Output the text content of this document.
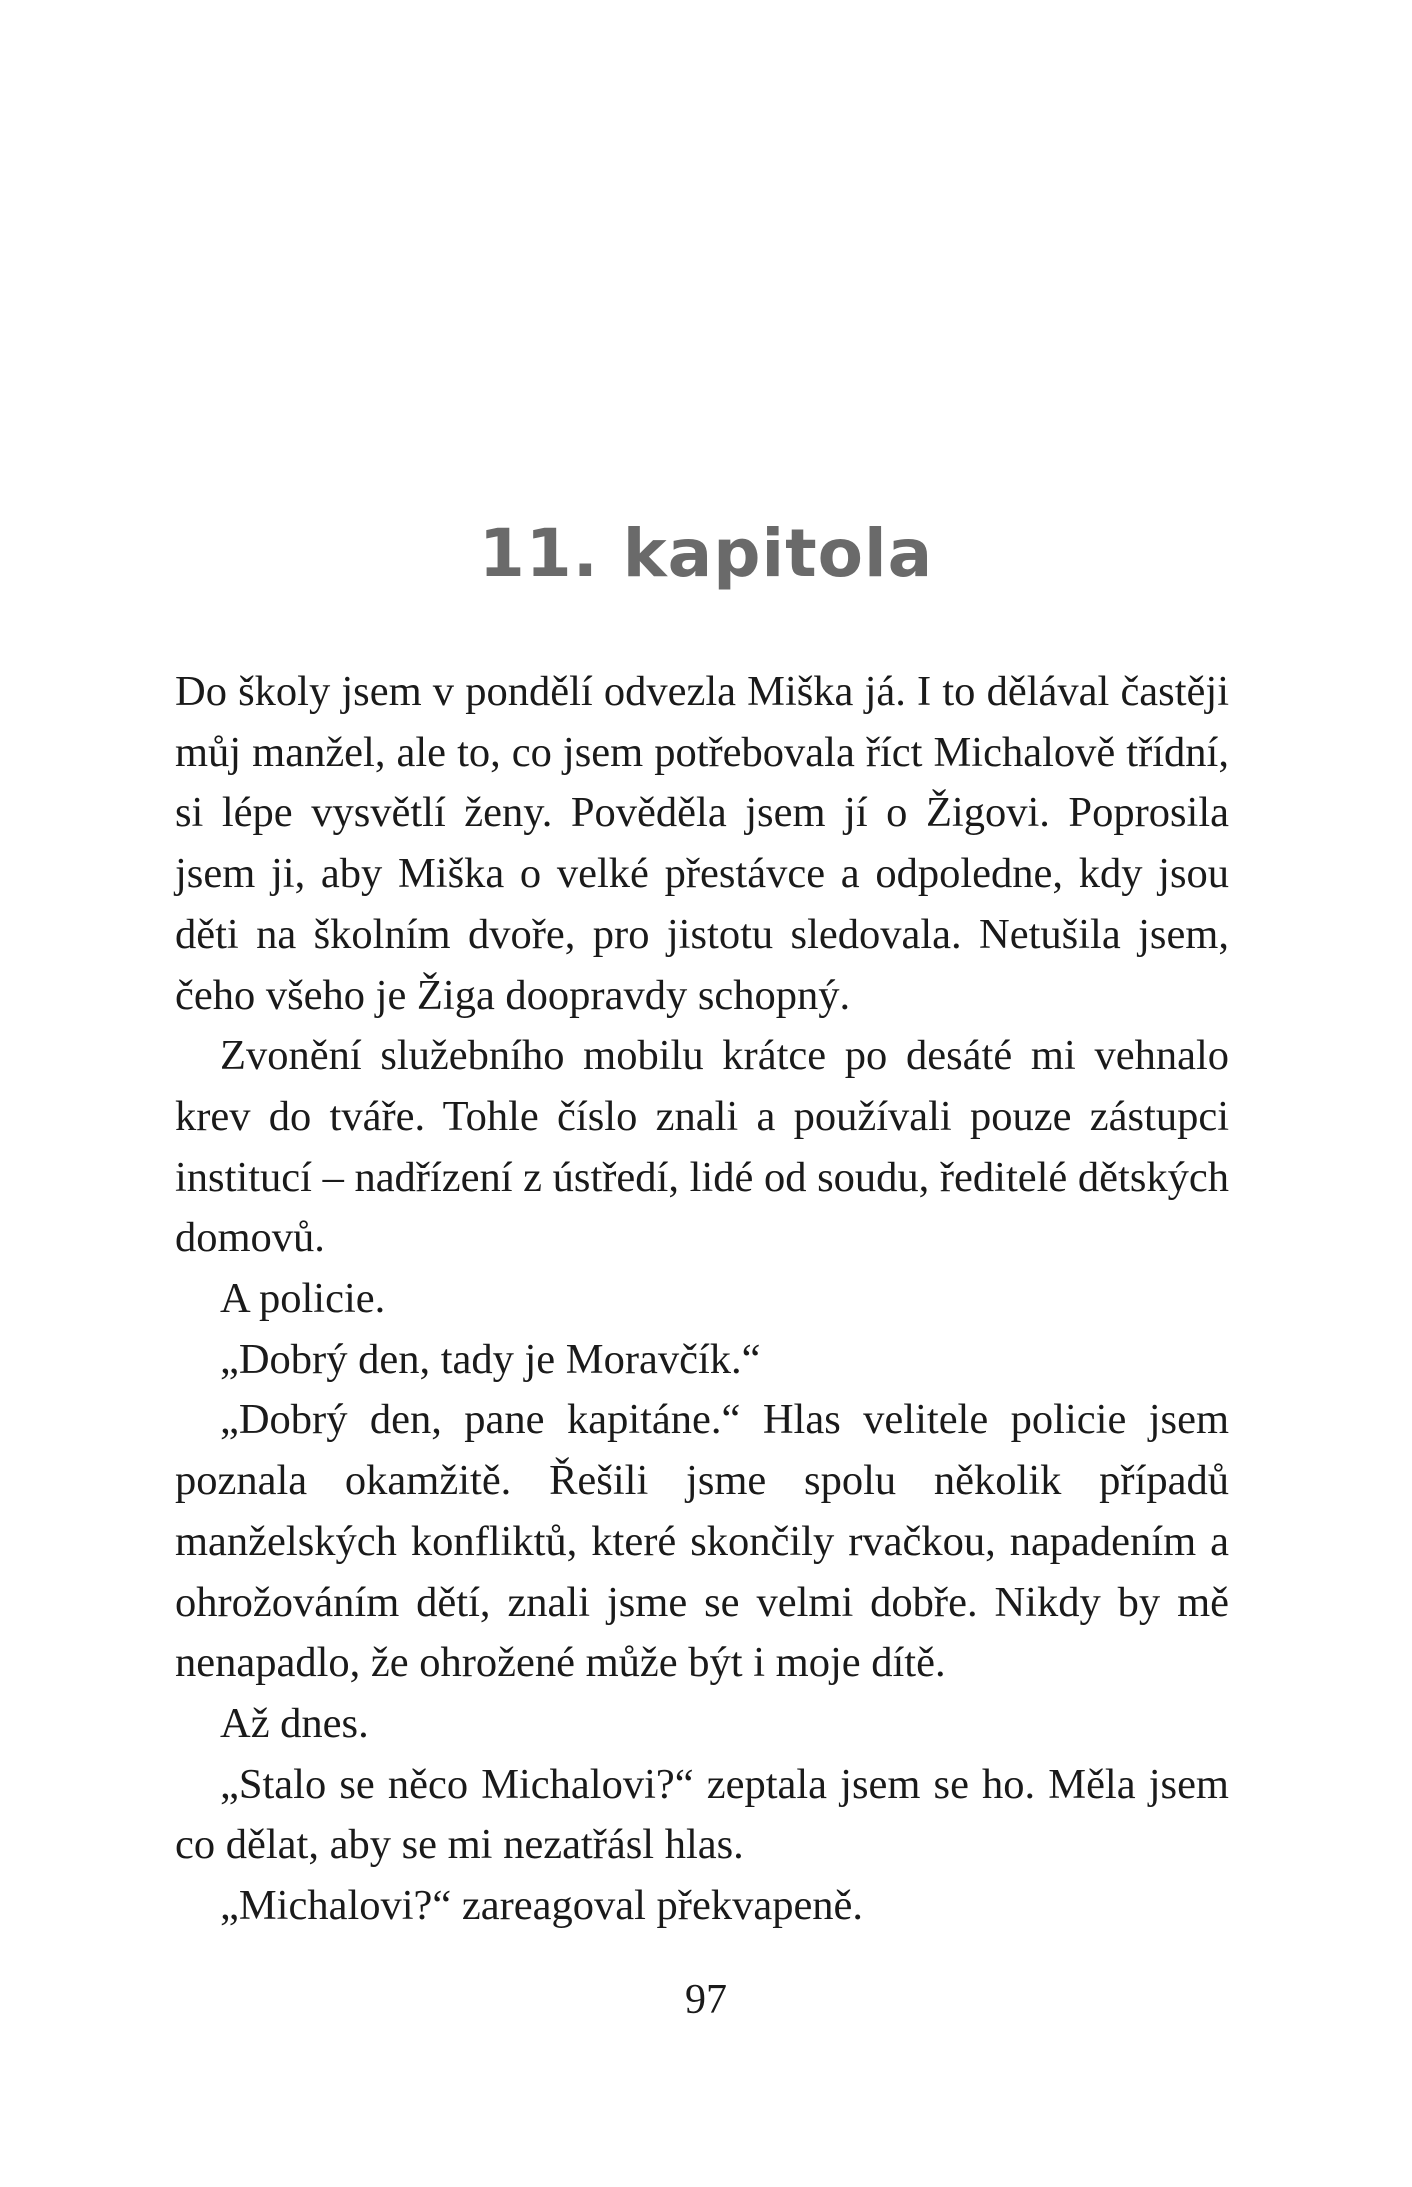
11. kapitola

Do školy jsem v pondělí odvezla Miška já. I to dělával častěji můj manžel, ale to, co jsem potřebovala říct Michalově třídní, si lépe vysvětlí ženy. Pověděla jsem jí o Žigovi. Poprosila jsem ji, aby Miška o velké přestávce a odpoledne, kdy jsou děti na školním dvoře, pro jistotu sledovala. Netušila jsem, čeho všeho je Žiga doopravdy schopný.

Zvonění služebního mobilu krátce po desáté mi vehnalo krev do tváře. Tohle číslo znali a používali pouze zástupci institucí – nadřízení z ústředí, lidé od soudu, ředitelé dětských domovů.

A policie.

„Dobrý den, tady je Moravčík.“

„Dobrý den, pane kapitáne.“ Hlas velitele policie jsem poznala okamžitě. Řešili jsme spolu několik případů manželských konfliktů, které skončily rvačkou, napadením a ohrožováním dětí, znali jsme se velmi dobře. Nikdy by mě nenapadlo, že ohrožené může být i moje dítě.

Až dnes.

„Stalo se něco Michalovi?“ zeptala jsem se ho. Měla jsem co dělat, aby se mi nezatřásl hlas.

„Michalovi?“ zareagoval překvapeně.

97
